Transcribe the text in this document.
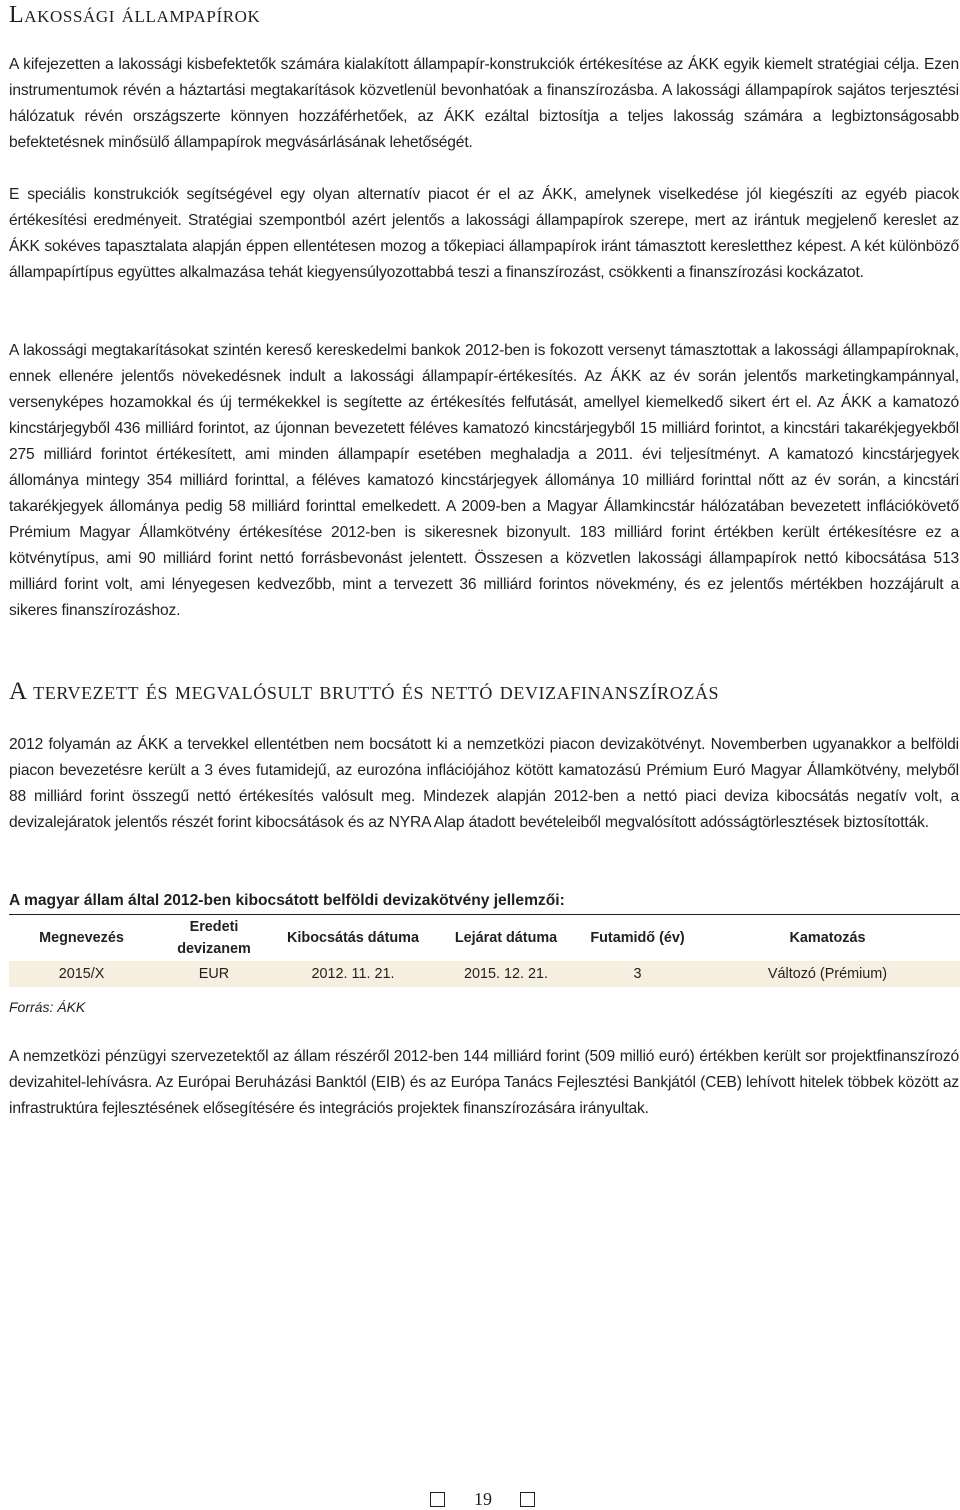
Lakossági állampapírok

A kifejezetten a lakossági kisbefektetők számára kialakított állampapír-konstrukciók értékesítése az ÁKK egyik kiemelt stratégiai célja. Ezen instrumentumok révén a háztartási megtakarítások közvetlenül bevonhatóak a finanszírozásba. A lakossági állampapírok sajátos terjesztési hálózatuk révén országszerte könnyen hozzáférhetőek, az ÁKK ezáltal biztosítja a teljes lakosság számára a legbiztonságosabb befektetésnek minősülő állampapírok megvásárlásának lehetőségét.

E speciális konstrukciók segítségével egy olyan alternatív piacot ér el az ÁKK, amelynek viselkedése jól kiegészíti az egyéb piacok értékesítési eredményeit. Stratégiai szempontból azért jelentős a lakossági állampapírok szerepe, mert az irántuk megjelenő kereslet az ÁKK sokéves tapasztalata alapján éppen ellentétesen mozog a tőkepiaci állampapírok iránt támasztott keresletthez képest. A két különböző állampapírtípus együttes alkalmazása tehát kiegyensúlyozottabbá teszi a finanszírozást, csökkenti a finanszírozási kockázatot.

A lakossági megtakarításokat szintén kereső kereskedelmi bankok 2012-ben is fokozott versenyt támasztottak a lakossági állampapíroknak, ennek ellenére jelentős növekedésnek indult a lakossági állampapír-értékesítés. Az ÁKK az év során jelentős marketingkampánnyal, versenyképes hozamokkal és új termékekkel is segítette az értékesítés felfutását, amellyel kiemelkedő sikert ért el. Az ÁKK a kamatozó kincstárjegyből 436 milliárd forintot, az újonnan bevezetett féléves kamatozó kincstárjegyből 15 milliárd forintot, a kincstári takarékjegyekből 275 milliárd forintot értékesített, ami minden állampapír esetében meghaladja a 2011. évi teljesítményt. A kamatozó kincstárjegyek állománya mintegy 354 milliárd forinttal, a féléves kamatozó kincstárjegyek állománya 10 milliárd forinttal nőtt az év során, a kincstári takarékjegyek állománya pedig 58 milliárd forinttal emelkedett. A 2009-ben a Magyar Államkincstár hálózatában bevezetett inflációkövető Prémium Magyar Államkötvény értékesítése 2012-ben is sikeresnek bizonyult. 183 milliárd forint értékben került értékesítésre ez a kötvénytípus, ami 90 milliárd forint nettó forrásbevonást jelentett. Összesen a közvetlen lakossági állampapírok nettó kibocsátása 513 milliárd forint volt, ami lényegesen kedvezőbb, mint a tervezett 36 milliárd forintos növekmény, és ez jelentős mértékben hozzájárult a sikeres finanszírozáshoz.

A tervezett és megvalósult bruttó és nettó devizafinanszírozás

2012 folyamán az ÁKK a tervekkel ellentétben nem bocsátott ki a nemzetközi piacon devizakötvényt. Novemberben ugyanakkor a belföldi piacon bevezetésre került a 3 éves futamidejű, az eurozóna inflációjához kötött kamatozású Prémium Euró Magyar Államkötvény, melyből 88 milliárd forint összegű nettó értékesítés valósult meg. Mindezek alapján 2012-ben a nettó piaci deviza kibocsátás negatív volt, a devizalejáratok jelentős részét forint kibocsátások és az NYRA Alap átadott bevételeiből megvalósított adósságtörlesztések biztosították.

A magyar állam által 2012-ben kibocsátott belföldi devizakötvény jellemzői:
Megnevezés	Eredeti devizanem	Kibocsátás dátuma	Lejárat dátuma	Futamidő (év)	Kamatozás
2015/X	EUR	2012. 11. 21.	2015. 12. 21.	3	Változó (Prémium)
Forrás: ÁKK

A nemzetközi pénzügyi szervezetektől az állam részéről 2012-ben 144 milliárd forint (509 millió euró) értékben került sor projektfinanszírozó devizahitel-lehívásra. Az Európai Beruházási Banktól (EIB) és az Európa Tanács Fejlesztési Bankjától (CEB) lehívott hitelek többek között az infrastruktúra fejlesztésének elősegítésére és integrációs projektek finanszírozására irányultak.

19
